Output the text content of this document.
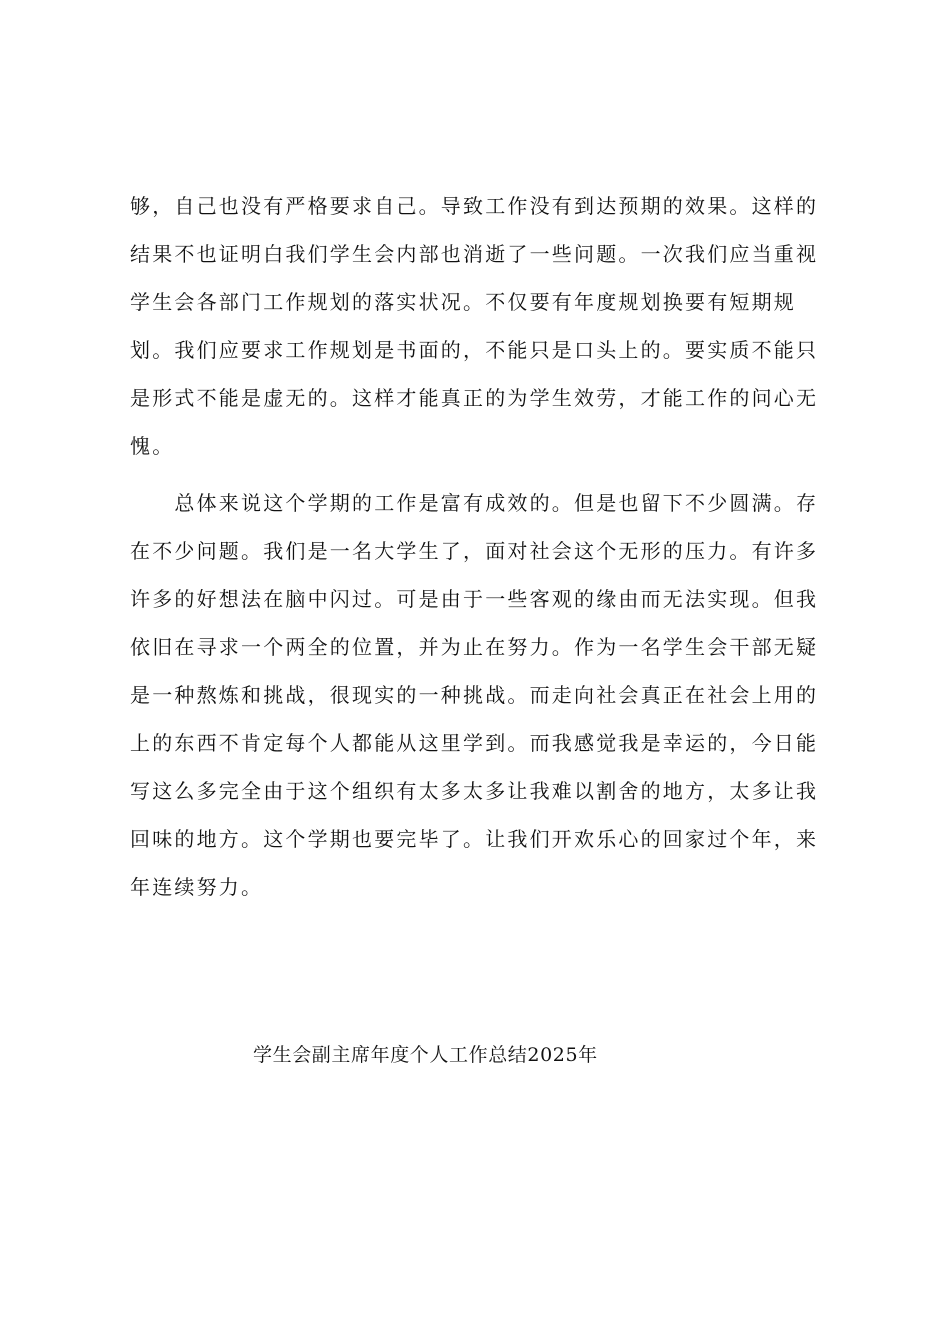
够，自己也没有严格要求自己。导致工作没有到达预期的效果。这样的
结果不也证明白我们学生会内部也消逝了一些问题。一次我们应当重视
学生会各部门工作规划的落实状况。不仅要有年度规划换要有短期规
划。我们应要求工作规划是书面的，不能只是口头上的。要实质不能只
是形式不能是虚无的。这样才能真正的为学生效劳，才能工作的问心无
愧。
　　总体来说这个学期的工作是富有成效的。但是也留下不少圆满。存
在不少问题。我们是一名大学生了，面对社会这个无形的压力。有许多
许多的好想法在脑中闪过。可是由于一些客观的缘由而无法实现。但我
依旧在寻求一个两全的位置，并为止在努力。作为一名学生会干部无疑
是一种熬炼和挑战，很现实的一种挑战。而走向社会真正在社会上用的
上的东西不肯定每个人都能从这里学到。而我感觉我是幸运的，今日能
写这么多完全由于这个组织有太多太多让我难以割舍的地方，太多让我
回味的地方。这个学期也要完毕了。让我们开欢乐心的回家过个年，来
年连续努力。
学生会副主席年度个人工作总结2025年
